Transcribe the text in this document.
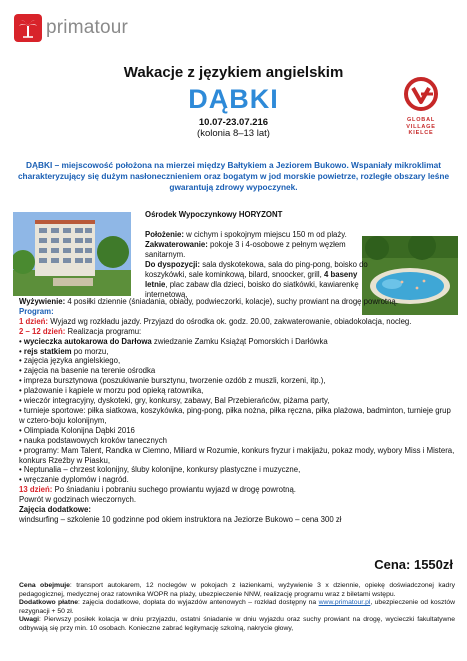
primatour
GLOBAL
VILLAGE
KIELCE
Wakacje z językiem angielskim
DĄBKI
10.07-23.07.216
(kolonia 8–13 lat)
DĄBKI – miejscowość położona na mierzei między Bałtykiem a Jeziorem Bukowo. Wspaniały mikroklimat charakteryzujący się dużym nasłonecznieniem oraz bogatym w jod morskie powietrze, rozległe obszary leśne gwarantują zdrowy wypoczynek.
Ośrodek Wypoczynkowy HORYZONT

Położenie: w cichym i spokojnym miejscu 150 m od plaży.

Zakwaterowanie: pokoje 3 i 4-osobowe z pełnym węzłem sanitarnym.

Do dyspozycji: sala dyskotekowa, sala do ping-pong, boisko do koszykówki, sale kominkową, bilard, snoocker, grill, 4 baseny letnie, plac zabaw dla dzieci, boisko do siatkówki, kawiarenkę internetową,

Wyżywienie: 4 posiłki dziennie (śniadania, obiady, podwieczorki, kolacje), suchy prowiant na drogę powrotną.

Program:

1 dzień: Wyjazd wg rozkładu jazdy. Przyjazd do ośrodka ok. godz. 20.00, zakwaterowanie, obiadokolacja, nocleg.

2 – 12 dzień: Realizacja programu:

• wycieczka autokarowa do Darłowa zwiedzanie Zamku Książąt Pomorskich i Darłówka

• rejs statkiem po morzu,

• zajęcia języka angielskiego,

• zajęcia na basenie na terenie ośrodka

• impreza bursztynowa (poszukiwanie bursztynu, tworzenie ozdób z muszli, korzeni, itp.),

• plażowanie i kąpiele w morzu pod opieką ratownika,

• wieczór integracyjny, dyskoteki, gry, konkursy, zabawy, Bal Przebierańców, piżama party,

• turnieje sportowe: piłka siatkowa, koszykówka, ping-pong, piłka nożna, piłka ręczna, piłka plażowa, badminton, turnieje grup w cztero-boju kolonijnym,

• Olimpiada Kolonijna Dąbki 2016

• nauka podstawowych kroków tanecznych

• programy: Mam Talent, Randka w Ciemno, Miliard w Rozumie, konkurs fryzur i makijażu, pokaz mody, wybory Miss i Mistera, konkurs Rzeźby w Piasku,

• Neptunalia – chrzest kolonijny, śluby kolonijne, konkursy plastyczne i muzyczne,

• wręczanie dyplomów i nagród.

13 dzień: Po śniadaniu i pobraniu suchego prowiantu wyjazd w drogę powrotną.

Powrót w godzinach wieczornych.

Zajęcia dodatkowe:

windsurfing – szkolenie 10 godzinne pod okiem instruktora na Jeziorze Bukowo – cena 300 zł

Cena: 1550zł

Cena obejmuje: transport autokarem, 12 noclegów w pokojach z łazienkami, wyżywienie 3 x dziennie, opiekę doświadczonej kadry pedagogicznej, medycznej oraz ratownika WOPR na plaży, ubezpieczenie NNW, realizację programu wraz z biletami wstępu.

Dodatkowo płatne: zajęcia dodatkowe, dopłata do wyjazdów antenowych – rozkład dostępny na www.primatour.pl, ubezpieczenie od kosztów rezygnacji + 50 zł.

Uwagi: Pierwszy posiłek kolacja w dniu przyjazdu, ostatni śniadanie w dniu wyjazdu oraz suchy prowiant na drogę, wycieczki fakultatywne odbywają się przy min. 10 osobach. Konieczne zabrać legitymację szkolną, nakrycie głowy,
